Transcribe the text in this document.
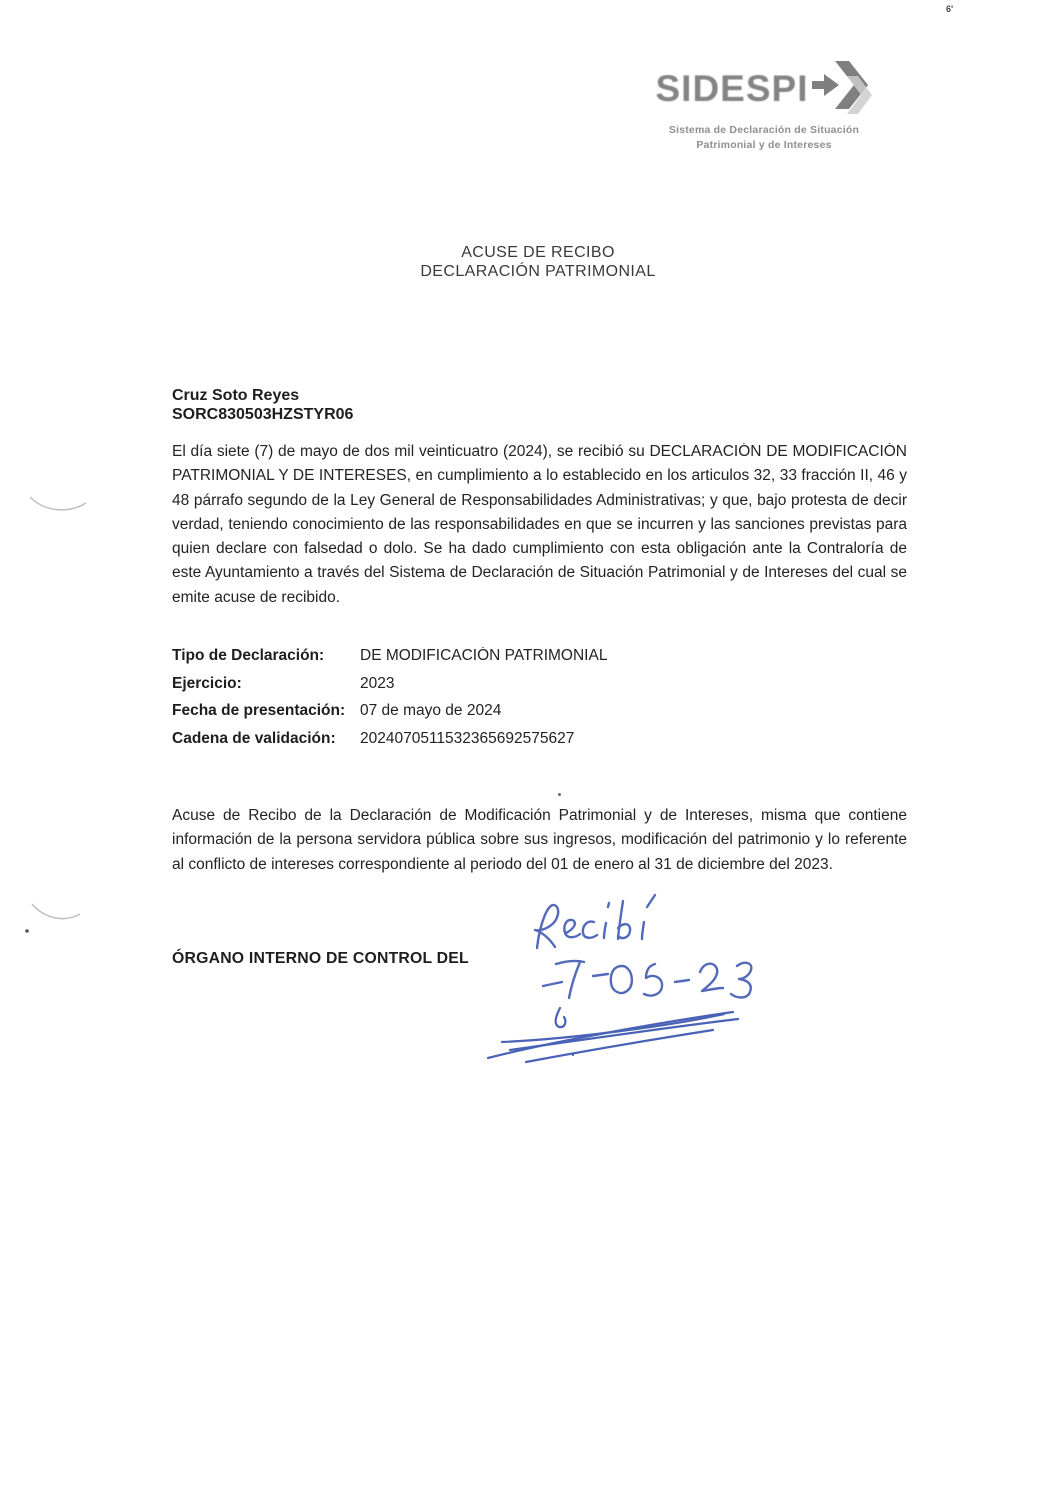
SIDESPI
Sistema de Declaración de Situación
Patrimonial y de Intereses
ACUSE DE RECIBO
DECLARACIÓN PATRIMONIAL
Cruz Soto Reyes
SORC830503HZSTYR06
El día siete (7) de mayo de dos mil veinticuatro (2024), se recibió su DECLARACIÓN DE MODIFICACIÓN PATRIMONIAL Y DE INTERESES, en cumplimiento a lo establecido en los articulos 32, 33 fracción II, 46 y 48 párrafo segundo de la Ley General de Responsabilidades Administrativas; y que, bajo protesta de decir verdad, teniendo conocimiento de las responsabilidades en que se incurren y las sanciones previstas para quien declare con falsedad o dolo. Se ha dado cumplimiento con esta obligación ante la Contraloría de este Ayuntamiento a través del Sistema de Declaración de Situación Patrimonial y de Intereses del cual se emite acuse de recibido.
Tipo de Declaración:	DE MODIFICACIÓN PATRIMONIAL
Ejercicio:	2023
Fecha de presentación: 07 de mayo de 2024
Cadena de validación:	2024070511532365692575627
Acuse de Recibo de la Declaración de Modificación Patrimonial y de Intereses, misma que contiene información de la persona servidora pública sobre sus ingresos, modificación del patrimonio y lo referente al conflicto de intereses correspondiente al periodo del 01 de enero al 31 de diciembre del 2023.
ÓRGANO INTERNO DE CONTROL DEL
6'
